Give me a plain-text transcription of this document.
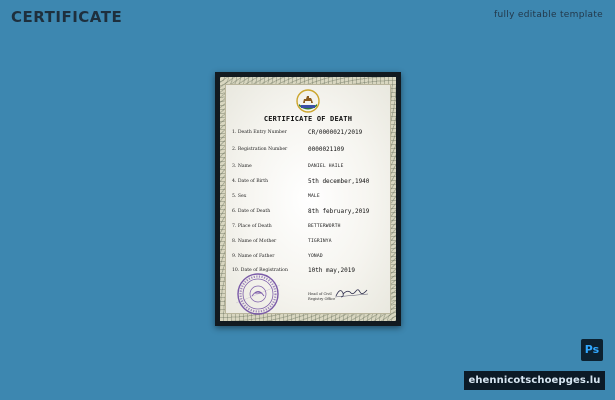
CERTIFICATE	fully editable template
CERTIFICATE OF DEATH
1. Death Entry Number	CR/0000021/2019
2. Registration Number	0000021109
3. Name	DANIEL HAILE
4. Date of Birth	5th december,1940
5. Sex	MALE
6. Date of Death	8th february,2019
7. Place of Death	BETTERWORTH
8. Name of Mother	TIGRINYA
9. Name of Father	YONAD
10. Date of Registration	10th may,2019
Head of Civil
Registry Office
Ps
ehennicotschoepges.lu
